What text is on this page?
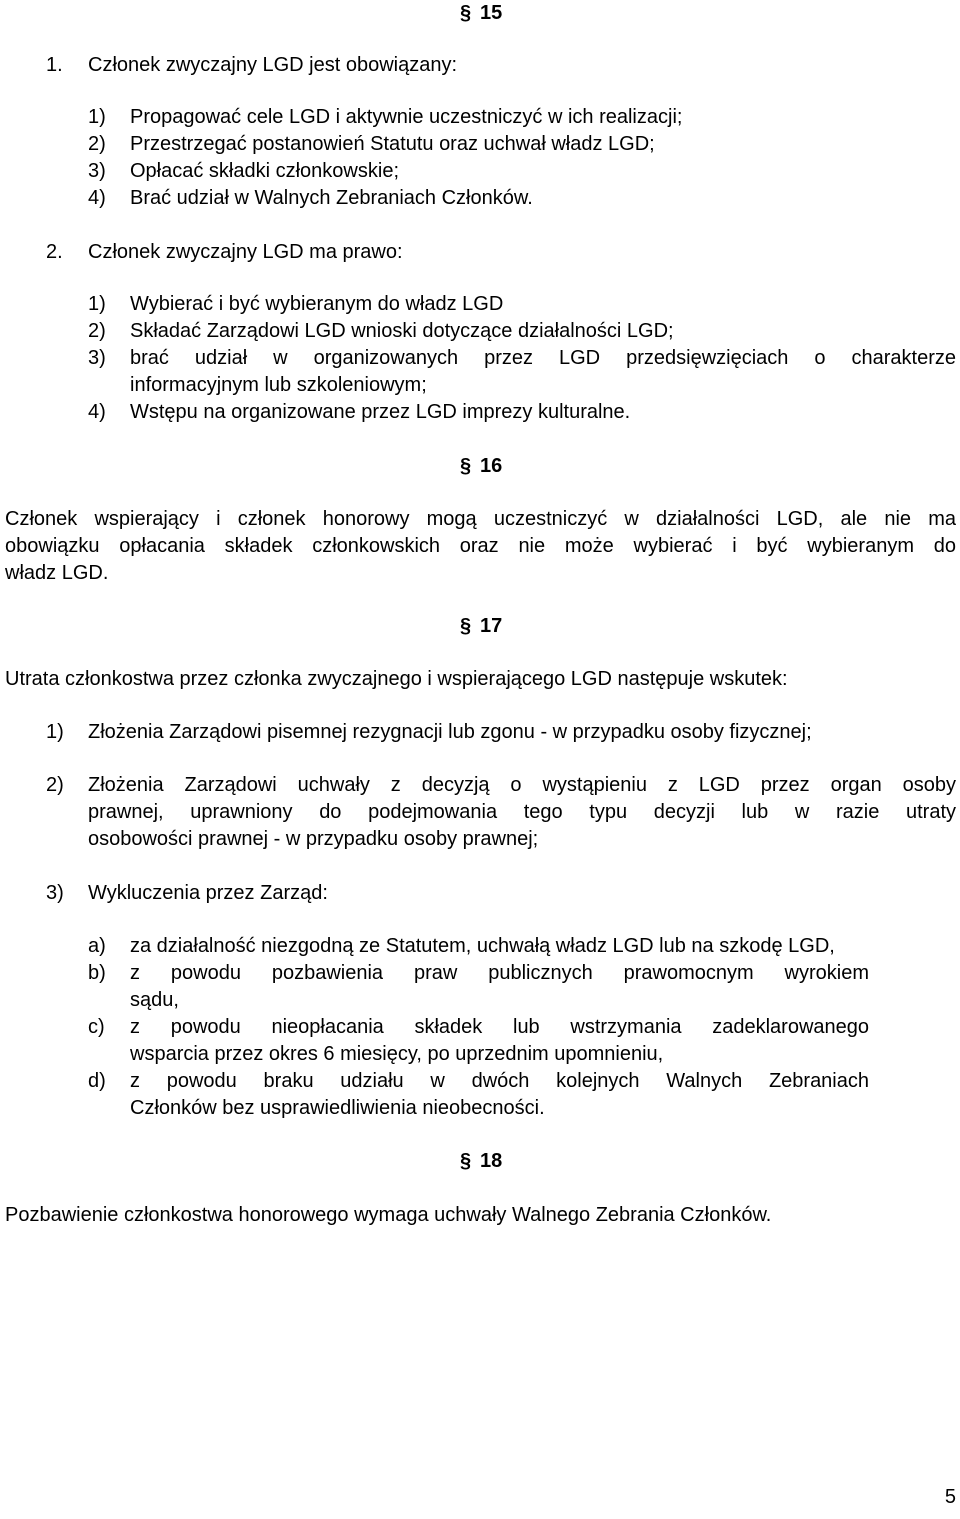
§ 15
1. Członek zwyczajny LGD jest obowiązany:
1) Propagować cele LGD i aktywnie uczestniczyć w ich realizacji;
2) Przestrzegać postanowień Statutu oraz uchwał władz LGD;
3) Opłacać składki członkowskie;
4) Brać udział w Walnych Zebraniach Członków.
2. Członek zwyczajny LGD ma prawo:
1) Wybierać i być wybieranym do władz LGD
2) Składać Zarządowi LGD wnioski dotyczące działalności LGD;
3) brać udział w organizowanych przez LGD przedsięwzięciach o charakterze
informacyjnym lub szkoleniowym;
4) Wstępu na organizowane przez LGD imprezy kulturalne.
§ 16
Członek wspierający i członek honorowy mogą uczestniczyć w działalności LGD, ale nie ma
obowiązku opłacania składek członkowskich oraz nie może wybierać i być wybieranym do
władz LGD.
§ 17
Utrata członkostwa przez członka zwyczajnego i wspierającego LGD następuje wskutek:
1) Złożenia Zarządowi pisemnej rezygnacji lub zgonu - w przypadku osoby fizycznej;
2) Złożenia Zarządowi uchwały z decyzją o wystąpieniu z LGD przez organ osoby
prawnej, uprawniony do podejmowania tego typu decyzji lub w razie utraty
osobowości prawnej - w przypadku osoby prawnej;
3) Wykluczenia przez Zarząd:
a) za działalność niezgodną ze Statutem, uchwałą władz LGD lub na szkodę LGD,
b) z powodu pozbawienia praw publicznych prawomocnym wyrokiem
sądu,
c) z powodu nieopłacania składek lub wstrzymania zadeklarowanego
wsparcia przez okres 6 miesięcy, po uprzednim upomnieniu,
d) z powodu braku udziału w dwóch kolejnych Walnych Zebraniach
Członków bez usprawiedliwienia nieobecności.
§ 18
Pozbawienie członkostwa honorowego wymaga uchwały Walnego Zebrania Członków.
5
